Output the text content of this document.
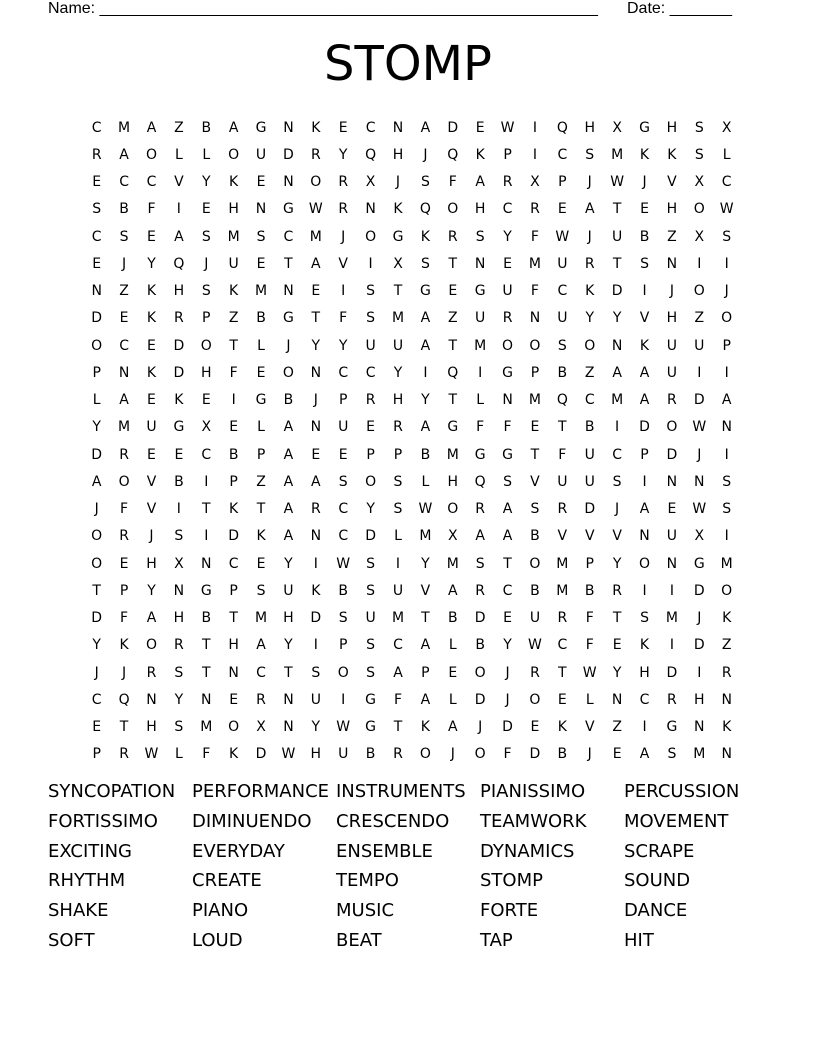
Name: ________________________________________________________ Date: _______
STOMP
C	M	A	Z	B	A	G	N	K	E	C	N	A	D	E	W	I	Q	H	X	G	H	S	X
R	A	O	L	L	O	U	D	R	Y	Q	H	J	Q	K	P	I	C	S	M	K	K	S	L
E	C	C	V	Y	K	E	N	O	R	X	J	S	F	A	R	X	P	J	W	J	V	X	C
S	B	F	I	E	H	N	G	W	R	N	K	Q	O	H	C	R	E	A	T	E	H	O	W
C	S	E	A	S	M	S	C	M	J	O	G	K	R	S	Y	F	W	J	U	B	Z	X	S
E	J	Y	Q	J	U	E	T	A	V	I	X	S	T	N	E	M	U	R	T	S	N	I	I
N	Z	K	H	S	K	M	N	E	I	S	T	G	E	G	U	F	C	K	D	I	J	O	J
D	E	K	R	P	Z	B	G	T	F	S	M	A	Z	U	R	N	U	Y	Y	V	H	Z	O
O	C	E	D	O	T	L	J	Y	Y	U	U	A	T	M	O	O	S	O	N	K	U	U	P
P	N	K	D	H	F	E	O	N	C	C	Y	I	Q	I	G	P	B	Z	A	A	U	I	I
L	A	E	K	E	I	G	B	J	P	R	H	Y	T	L	N	M	Q	C	M	A	R	D	A
Y	M	U	G	X	E	L	A	N	U	E	R	A	G	F	F	E	T	B	I	D	O	W	N
D	R	E	E	C	B	P	A	E	E	P	P	B	M	G	G	T	F	U	C	P	D	J	I
A	O	V	B	I	P	Z	A	A	S	O	S	L	H	Q	S	V	U	U	S	I	N	N	S
J	F	V	I	T	K	T	A	R	C	Y	S	W	O	R	A	S	R	D	J	A	E	W	S
O	R	J	S	I	D	K	A	N	C	D	L	M	X	A	A	B	V	V	V	N	U	X	I
O	E	H	X	N	C	E	Y	I	W	S	I	Y	M	S	T	O	M	P	Y	O	N	G	M
T	P	Y	N	G	P	S	U	K	B	S	U	V	A	R	C	B	M	B	R	I	I	D	O
D	F	A	H	B	T	M	H	D	S	U	M	T	B	D	E	U	R	F	T	S	M	J	K
Y	K	O	R	T	H	A	Y	I	P	S	C	A	L	B	Y	W	C	F	E	K	I	D	Z
J	J	R	S	T	N	C	T	S	O	S	A	P	E	O	J	R	T	W	Y	H	D	I	R
C	Q	N	Y	N	E	R	N	U	I	G	F	A	L	D	J	O	E	L	N	C	R	H	N
E	T	H	S	M	O	X	N	Y	W	G	T	K	A	J	D	E	K	V	Z	I	G	N	K
P	R	W	L	F	K	D	W	H	U	B	R	O	J	O	F	D	B	J	E	A	S	M	N
SYNCOPATION PERFORMANCE INSTRUMENTS PIANISSIMO	PERCUSSION
FORTISSIMO	DIMINUENDO	CRESCENDO	TEAMWORK	MOVEMENT
EXCITING	EVERYDAY	ENSEMBLE	DYNAMICS	SCRAPE
RHYTHM	CREATE	TEMPO	STOMP	SOUND
SHAKE	PIANO	MUSIC	FORTE	DANCE
SOFT	LOUD	BEAT	TAP	HIT
